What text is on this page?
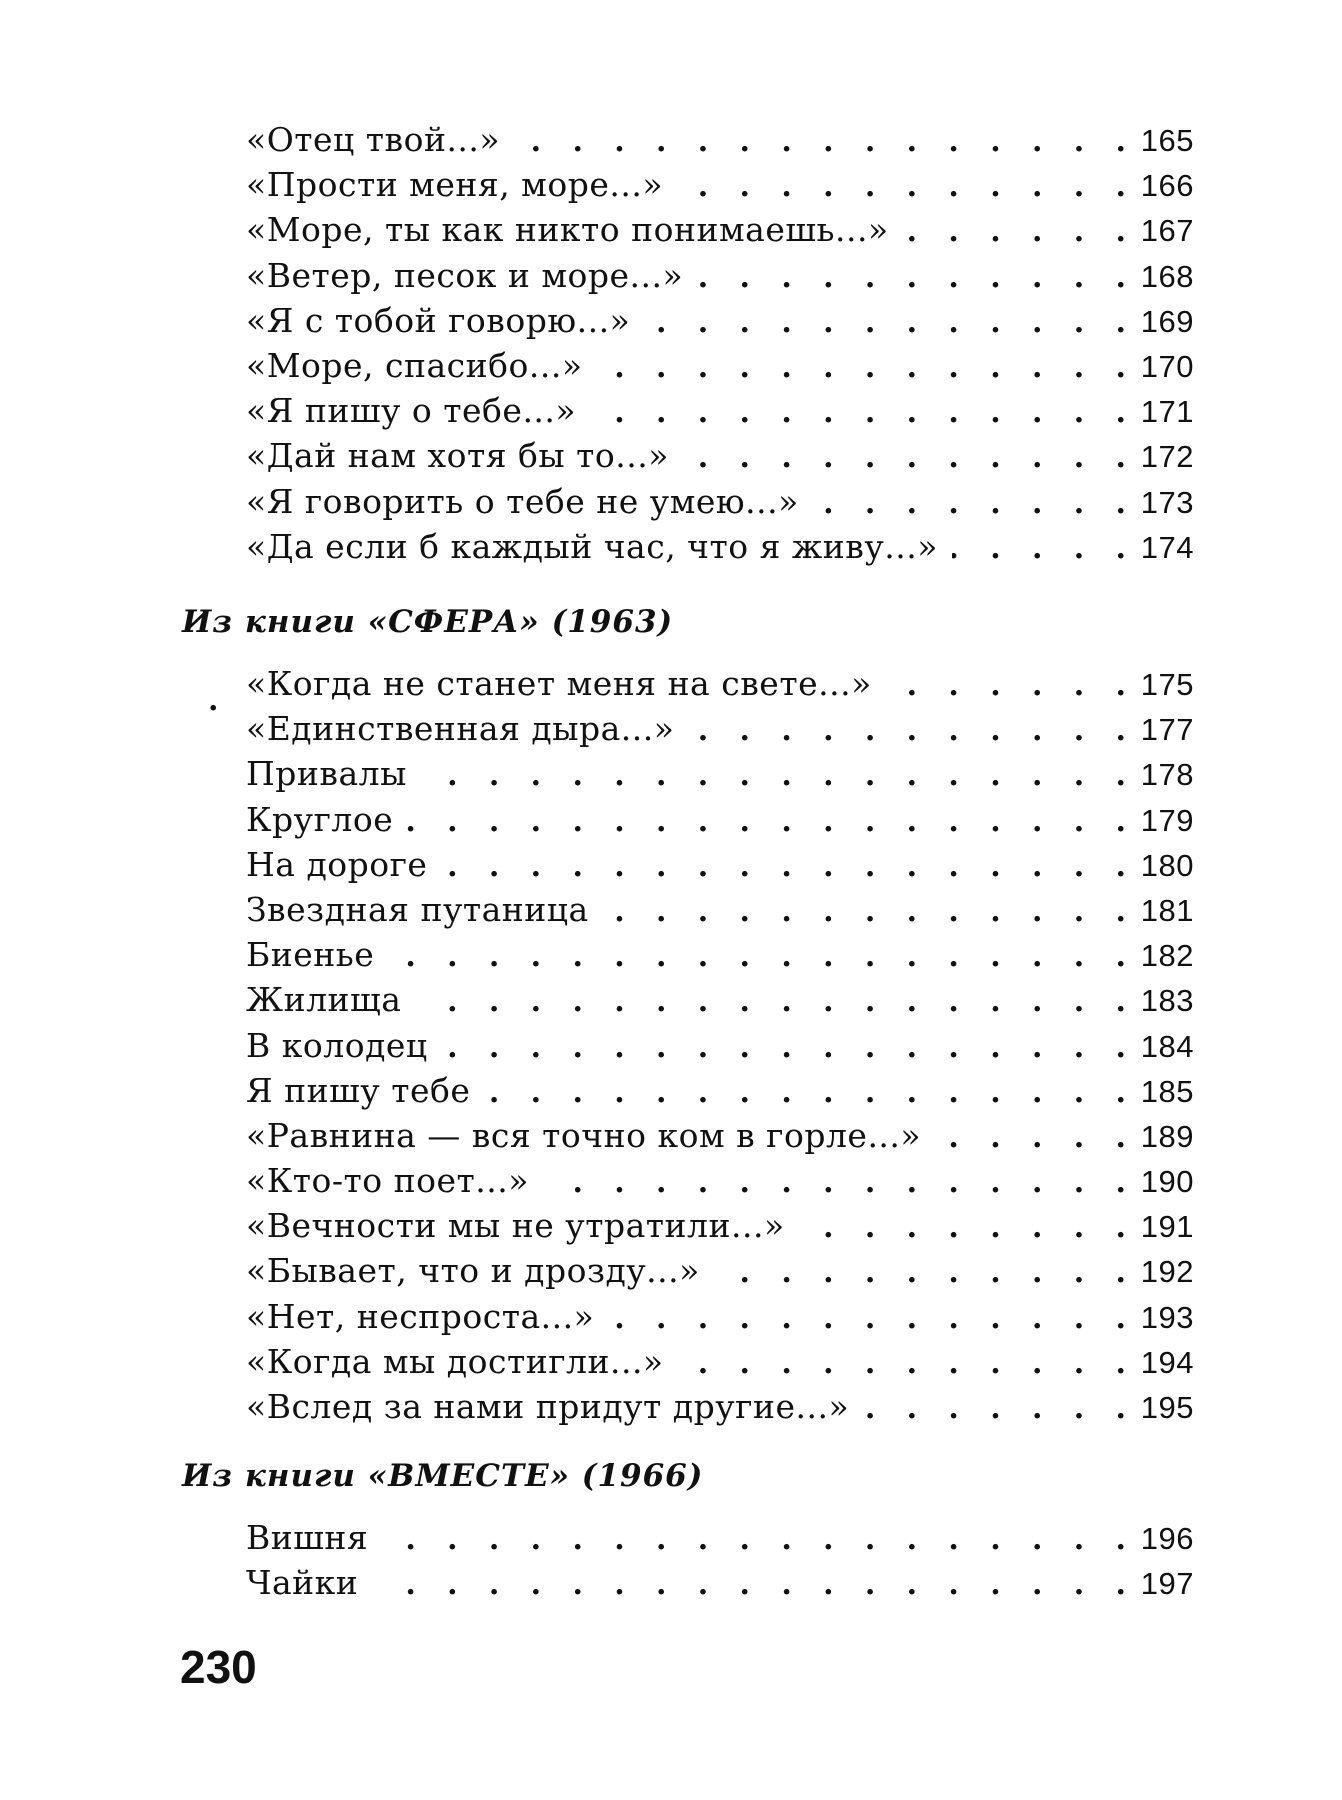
«Отец твой...» .   .	165
«Прости меня, море...» .   .	166
«Море, ты как никто понимаешь...» .   .	167
«Ветер, песок и море...» .   .	168
«Я с тобой говорю...» .   .	169
«Море, спасибо...» .   .	170
«Я пишу о тебе...» .   .	171
«Дай нам хотя бы то...» .   .	172
«Я говорить о тебе не умею...» .   .	173
«Да если б каждый час, что я живу...» .   .	174
Из книги «СФЕРА» (1963)
. «Когда не станет меня на свете...» .   .	175
«Единственная дыра...» .   .	177
Привалы .   .	178
Круглое .   .	179
На дороге .   .	180
Звездная путаница .   .	181
Биенье .   .	182
Жилища .   .	183
В колодец .   .	184
Я пишу тебе .   .	185
«Равнина — вся точно ком в горле...» .   .	189
«Кто-то поет...» .   .	190
«Вечности мы не утратили...» .   .	191
«Бывает, что и дрозду...» .   .	192
«Нет, неспроста...» .   .	193
«Когда мы достигли...» .   .	194
«Вслед за нами придут другие...» .   .	195
Из книги «ВМЕСТЕ» (1966)
Вишня .   .	196
Чайки .   .	197
230
